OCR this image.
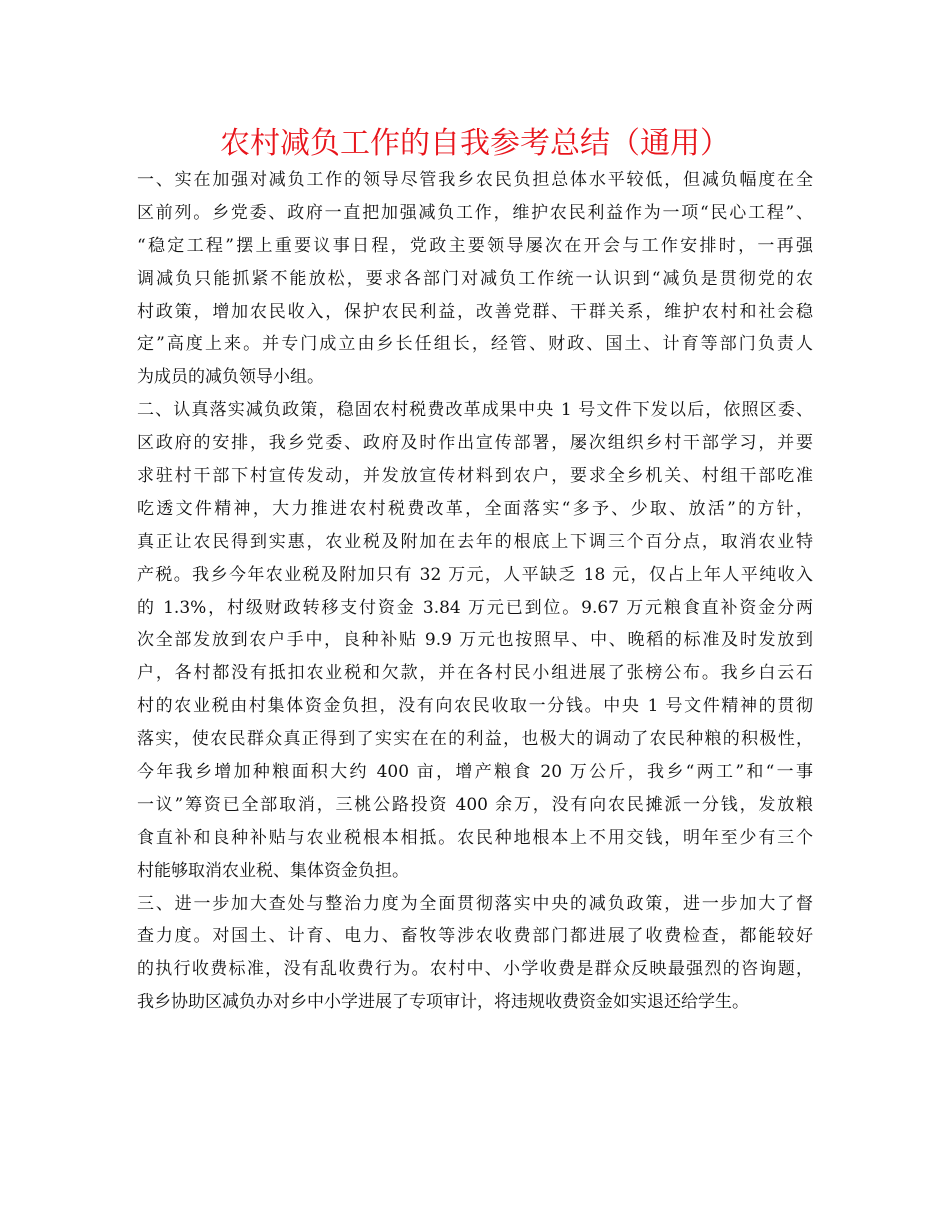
农村减负工作的自我参考总结（通用）
一、实在加强对减负工作的领导尽管我乡农民负担总体水平较低，但减负幅度在全
区前列。乡党委、政府一直把加强减负工作，维护农民利益作为一项“民心工程”、
“稳定工程”摆上重要议事日程，党政主要领导屡次在开会与工作安排时，一再强
调减负只能抓紧不能放松，要求各部门对减负工作统一认识到“减负是贯彻党的农
村政策，增加农民收入，保护农民利益，改善党群、干群关系，维护农村和社会稳
定”高度上来。并专门成立由乡长任组长，经管、财政、国土、计育等部门负责人
为成员的减负领导小组。
二、认真落实减负政策，稳固农村税费改革成果中央 1 号文件下发以后，依照区委、
区政府的安排，我乡党委、政府及时作出宣传部署，屡次组织乡村干部学习，并要
求驻村干部下村宣传发动，并发放宣传材料到农户，要求全乡机关、村组干部吃准
吃透文件精神，大力推进农村税费改革，全面落实“多予、少取、放活”的方针，
真正让农民得到实惠，农业税及附加在去年的根底上下调三个百分点，取消农业特
产税。我乡今年农业税及附加只有 32 万元，人平缺乏 18 元，仅占上年人平纯收入
的 1.3%，村级财政转移支付资金 3.84 万元已到位。9.67 万元粮食直补资金分两
次全部发放到农户手中，良种补贴 9.9 万元也按照早、中、晚稻的标准及时发放到
户，各村都没有抵扣农业税和欠款，并在各村民小组进展了张榜公布。我乡白云石
村的农业税由村集体资金负担，没有向农民收取一分钱。中央 1 号文件精神的贯彻
落实，使农民群众真正得到了实实在在的利益，也极大的调动了农民种粮的积极性，
今年我乡增加种粮面积大约 400 亩，增产粮食 20 万公斤，我乡“两工”和“一事
一议”筹资已全部取消，三桃公路投资 400 余万，没有向农民摊派一分钱，发放粮
食直补和良种补贴与农业税根本相抵。农民种地根本上不用交钱，明年至少有三个
村能够取消农业税、集体资金负担。
三、进一步加大查处与整治力度为全面贯彻落实中央的减负政策，进一步加大了督
查力度。对国土、计育、电力、畜牧等涉农收费部门都进展了收费检查，都能较好
的执行收费标准，没有乱收费行为。农村中、小学收费是群众反映最强烈的咨询题，
我乡协助区减负办对乡中小学进展了专项审计，将违规收费资金如实退还给学生。
